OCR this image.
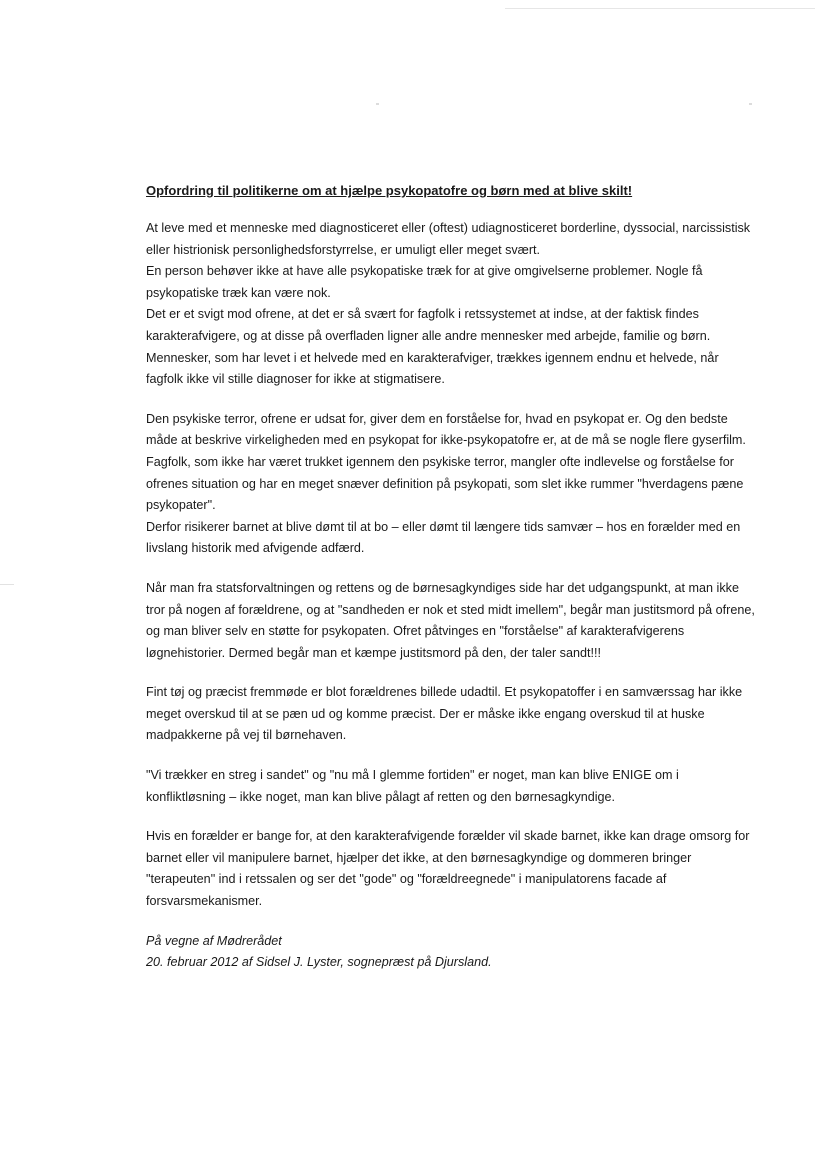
Opfordring til politikerne om at hjælpe psykopatofre og børn med at blive skilt!

At leve med et menneske med diagnosticeret eller (oftest) udiagnosticeret borderline, dyssocial, narcissistisk eller histrionisk personlighedsforstyrrelse, er umuligt eller meget svært.

En person behøver ikke at have alle psykopatiske træk for at give omgivelserne problemer. Nogle få psykopatiske træk kan være nok.

Det er et svigt mod ofrene, at det er så svært for fagfolk i retssystemet at indse, at der faktisk findes karakterafvigere, og at disse på overfladen ligner alle andre mennesker med arbejde, familie og børn.

Mennesker, som har levet i et helvede med en karakterafviger, trækkes igennem endnu et helvede, når fagfolk ikke vil stille diagnoser for ikke at stigmatisere.

Den psykiske terror, ofrene er udsat for, giver dem en forståelse for, hvad en psykopat er. Og den bedste måde at beskrive virkeligheden med en psykopat for ikke-psykopatofre er, at de må se nogle flere gyserfilm. Fagfolk, som ikke har været trukket igennem den psykiske terror, mangler ofte indlevelse og forståelse for ofrenes situation og har en meget snæver definition på psykopati, som slet ikke rummer "hverdagens pæne psykopater".

Derfor risikerer barnet at blive dømt til at bo – eller dømt til længere tids samvær – hos en forælder med en livslang historik med afvigende adfærd.

Når man fra statsforvaltningen og rettens og de børnesagkyndiges side har det udgangspunkt, at man ikke tror på nogen af forældrene, og at "sandheden er nok et sted midt imellem", begår man justitsmord på ofrene, og man bliver selv en støtte for psykopaten. Ofret påtvinges en "forståelse" af karakterafvigerens løgnehistorier. Dermed begår man et kæmpe justitsmord på den, der taler sandt!!!

Fint tøj og præcist fremmøde er blot forældrenes billede udadtil. Et psykopatoffer i en samværssag har ikke meget overskud til at se pæn ud og komme præcist. Der er måske ikke engang overskud til at huske madpakkerne på vej til børnehaven.

"Vi trækker en streg i sandet" og "nu må I glemme fortiden" er noget, man kan blive ENIGE om i konfliktløsning – ikke noget, man kan blive pålagt af retten og den børnesagkyndige.

Hvis en forælder er bange for, at den karakterafvigende forælder vil skade barnet, ikke kan drage omsorg for barnet eller vil manipulere barnet, hjælper det ikke, at den børnesagkyndige og dommeren bringer "terapeuten" ind i retssalen og ser det "gode" og "forældreegnede" i manipulatorens facade af forsvarsmekanismer.

På vegne af Mødrerådet

20. februar 2012 af Sidsel J. Lyster, sognepræst på Djursland.
